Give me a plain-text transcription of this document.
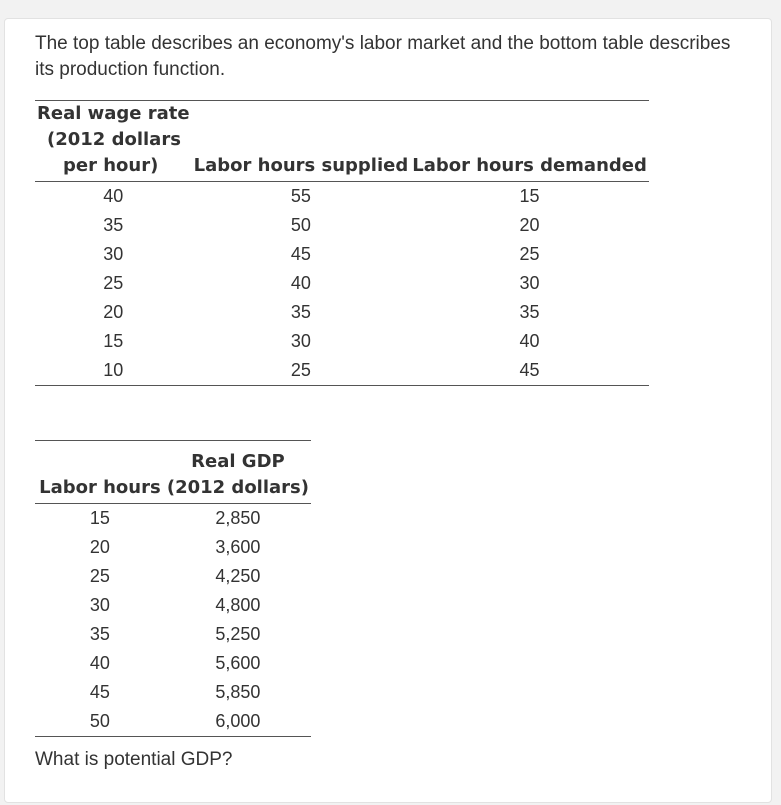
The top table describes an economy's labor market and the bottom table describes its production function.

Real wage rate
(2012 dollars
per hour)	Labor hours supplied	Labor hours demanded
40	55	15
35	50	20
30	45	25
25	40	30
20	35	35
15	30	40
10	25	45

Labor hours	Real GDP
(2012 dollars)

15	2,850
20	3,600
25	4,250
30	4,800
35	5,250
40	5,600
45	5,850
50	6,000
What is potential GDP?
